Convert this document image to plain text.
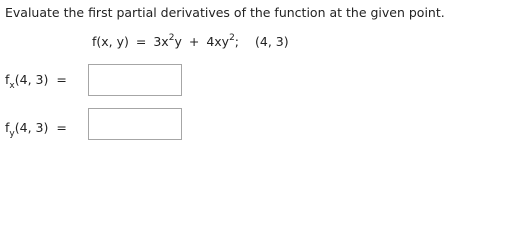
Evaluate the first partial derivatives of the function at the given point.
f(x, $y) = 3x^2y + 4xy^2$; (4, 3)
$f_x(4$, 3) =
$f_y(4$, 3) =
